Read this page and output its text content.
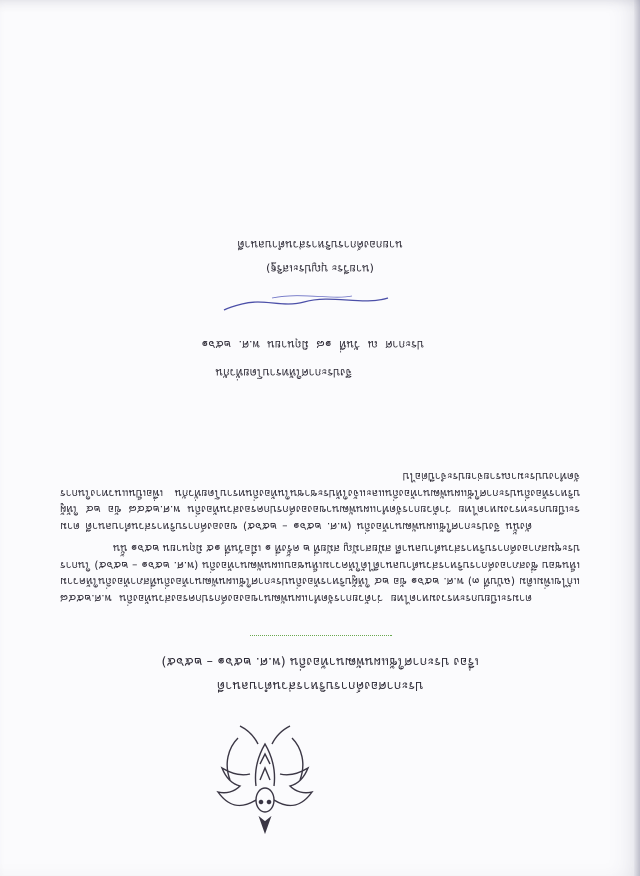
ประกาศองค์การบริหารส่วนตำบลนาดี
เรื่อง ประกาศใช้แผนพัฒนาท้องถิ่น (พ.ศ. ๒๕๖๑ – ๒๕๖๕)

ตามระเบียบกระทรวงมหาดไทย ว่าด้วยการจัดทำแผนพัฒนาขององค์กรปกครองส่วนท้องถิ่น พ.ศ.๒๕๔๘ แก้ไขเพิ่มเติม (ฉบับที่ ๓) พ.ศ. ๒๕๖๑ ข้อ ๒๔ ให้ผู้บริหารท้องถิ่นประกาศใช้แผนพัฒนาท้องถิ่นที่สภาท้องถิ่นให้ความเห็นชอบ ซึ่งสภาองค์การบริหารส่วนตำบลนาดีได้ให้ความเห็นชอบแผนพัฒนาท้องถิ่น (พ.ศ. ๒๕๖๑ – ๒๕๖๕) ในการประชุมสภาองค์การบริหารส่วนตำบลนาดี สมัยสามัญ สมัยที่ ๒ ครั้งที่ ๑ เมื่อวันที่ ๑๕ มิถุนายน ๒๕๖๑ นั้น

ดังนั้น จึงประกาศใช้แผนพัฒนาท้องถิ่น (พ.ศ. ๒๕๖๑ – ๒๕๖๕) ขององค์การบริหารส่วนตำบลนาดี ตามระเบียบกระทรวงมหาดไทย ว่าด้วยการจัดทำแผนพัฒนาขององค์กรปกครองส่วนท้องถิ่น พ.ศ.๒๕๔๘ ข้อ ๒๔ ให้ผู้บริหารท้องถิ่นประกาศใช้แผนพัฒนาท้องถิ่นและแจ้งให้ประชาชนในท้องถิ่นทราบโดยทั่วกัน เพื่อเป็นแนวทางในการจัดทำงบประมาณรายจ่ายประจำปีต่อไป

จึงประกาศให้ทราบโดยทั่วกัน
ประกาศ ณ วันที่ ๑๘ มิถุนายน พ.ศ. ๒๕๖๑
(นายวีระ บุญประเสริฐ)
นายกองค์การบริหารส่วนตำบลนาดี
